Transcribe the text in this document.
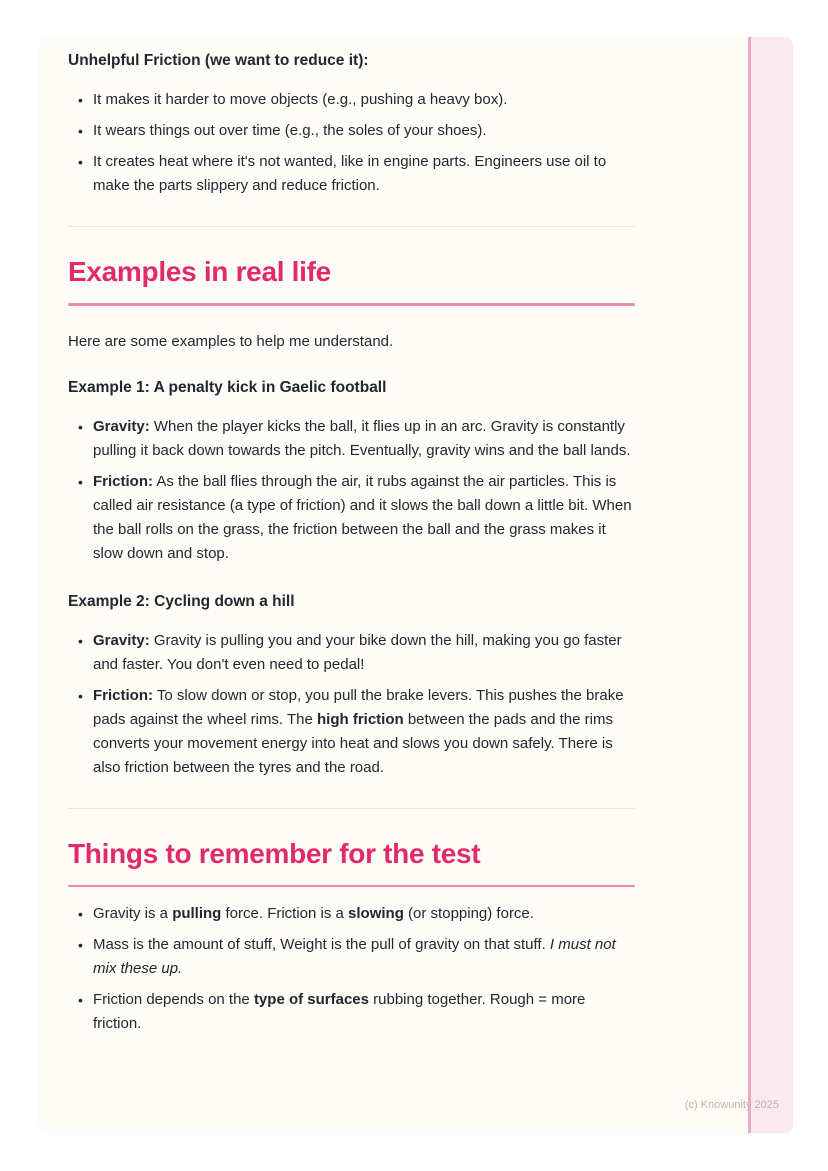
Unhelpful Friction (we want to reduce it):

• It makes it harder to move objects (e.g., pushing a heavy box).
• It wears things out over time (e.g., the soles of your shoes).
• It creates heat where it's not wanted, like in engine parts. Engineers use oil to make the parts slippery and reduce friction.
Examples in real life

Here are some examples to help me understand.

Example 1: A penalty kick in Gaelic football

• Gravity: When the player kicks the ball, it flies up in an arc. Gravity is constantly pulling it back down towards the pitch. Eventually, gravity wins and the ball lands.
• Friction: As the ball flies through the air, it rubs against the air particles. This is called air resistance (a type of friction) and it slows the ball down a little bit. When the ball rolls on the grass, the friction between the ball and the grass makes it slow down and stop.

Example 2: Cycling down a hill

• Gravity: Gravity is pulling you and your bike down the hill, making you go faster and faster. You don't even need to pedal!
• Friction: To slow down or stop, you pull the brake levers. This pushes the brake pads against the wheel rims. The high friction between the pads and the rims converts your movement energy into heat and slows you down safely. There is also friction between the tyres and the road.
Things to remember for the test
• Gravity is a pulling force. Friction is a slowing (or stopping) force.
• Mass is the amount of stuff, Weight is the pull of gravity on that stuff. I must not mix these up.
• Friction depends on the type of surfaces rubbing together. Rough = more friction.
(c) Knowunity 2025
